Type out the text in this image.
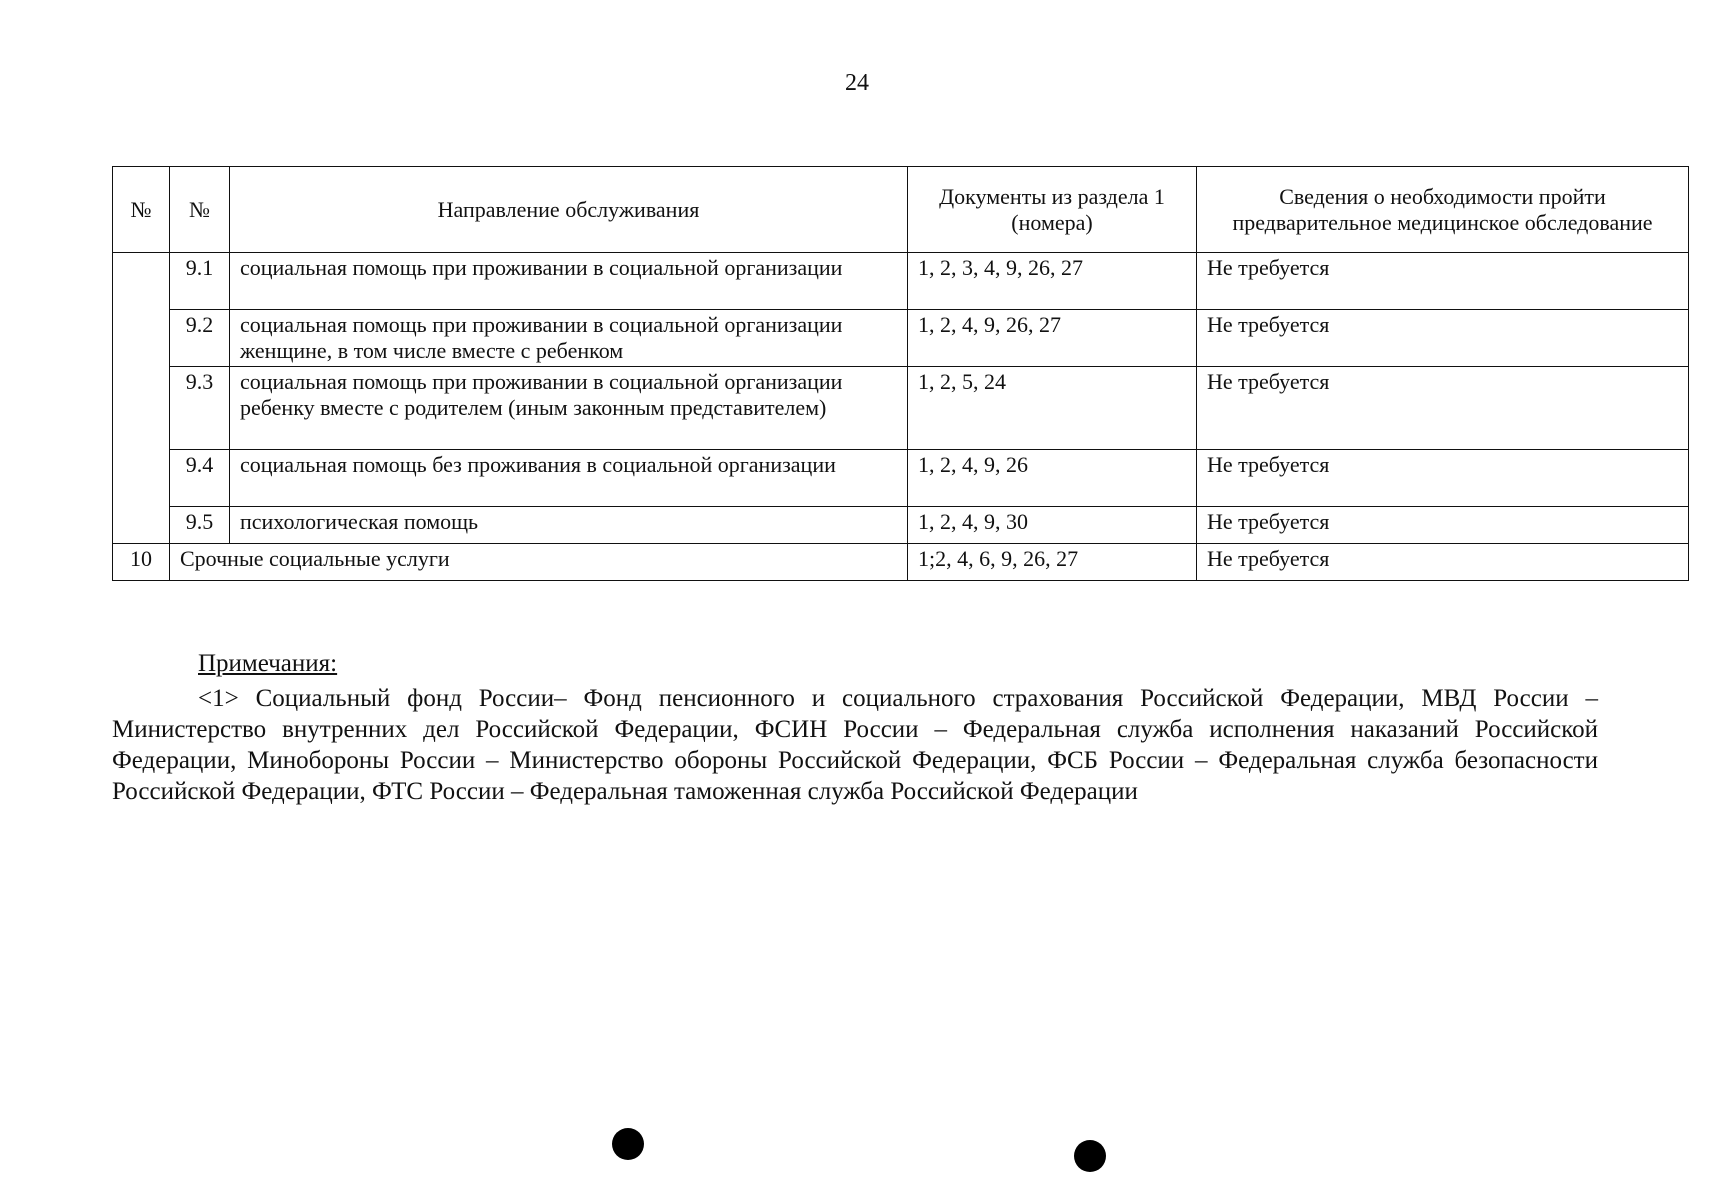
24
№	№	Направление обслуживания	Документы из раздела 1 (номера)	Сведения о необходимости пройти предварительное медицинское обследование
	9.1	социальная помощь при проживании в социальной организации	1, 2, 3, 4, 9, 26, 27	Не требуется
	9.2	социальная помощь при проживании в социальной организации женщине, в том числе вместе с ребенком	1, 2, 4, 9, 26, 27	Не требуется
	9.3	социальная помощь при проживании в социальной организации ребенку вместе с родителем (иным законным представителем)	1, 2, 5, 24	Не требуется
	9.4	социальная помощь без проживания в социальной организации	1, 2, 4, 9, 26	Не требуется
	9.5	психологическая помощь	1, 2, 4, 9, 30	Не требуется
10	Срочные социальные услуги		1;2, 4, 6, 9, 26, 27	Не требуется
Примечания:

<1> Социальный фонд России– Фонд пенсионного и социального страхования Российской Федерации, МВД России – Министерство внутренних дел Российской Федерации, ФСИН России – Федеральная служба исполнения наказаний Российской Федерации, Минобороны России – Министерство обороны Российской Федерации, ФСБ России – Федеральная служба безопасности Российской Федерации, ФТС России – Федеральная таможенная служба Российской Федерации
